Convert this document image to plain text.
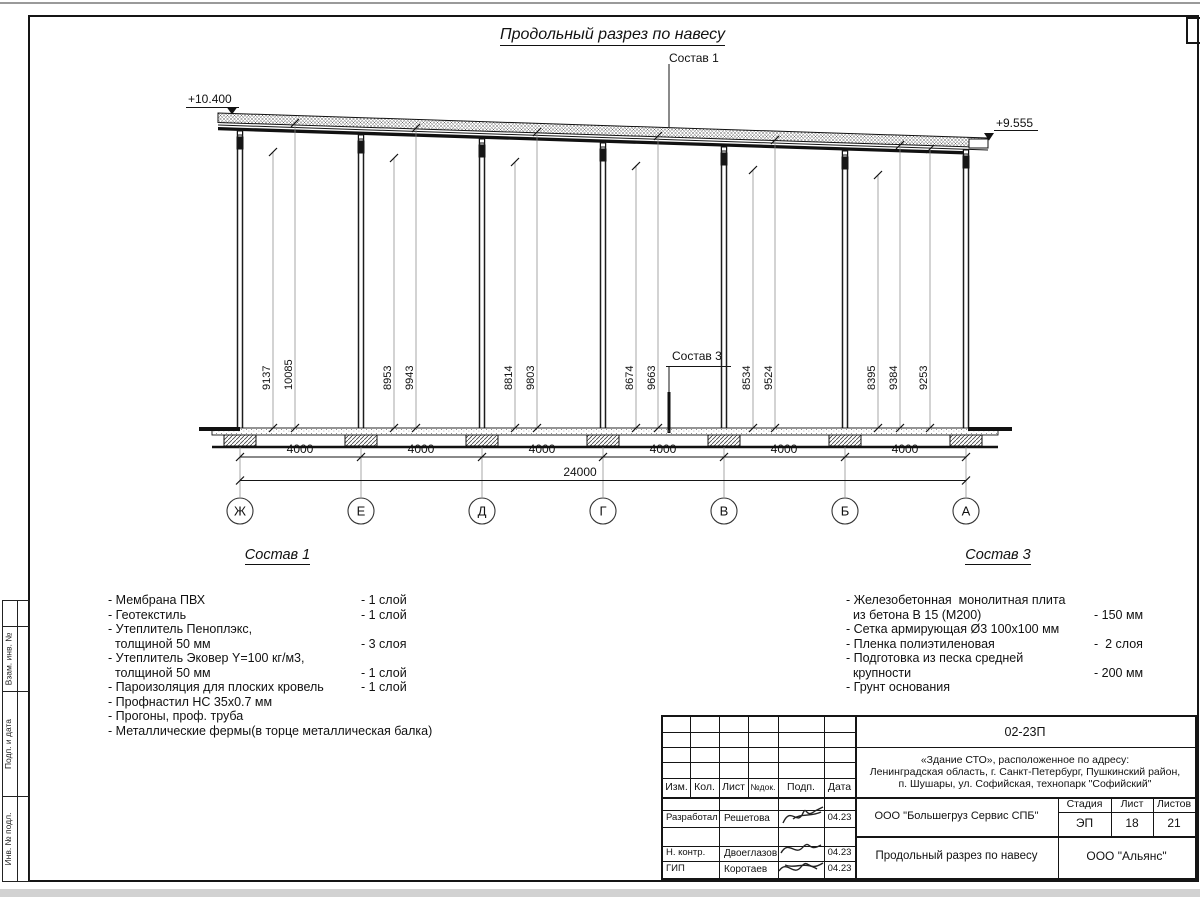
Взам. инв. №
Подп. и дата
Инв. № подл.
Продольный разрез по навесу
Состав 1
Состав 3
+10.400
+9.555
9137 10085	8953 9943	8814 9803	8674 9663	8534 9524	8395 9384 9253
4000	4000	4000	4000	4000	4000
24000
Ж	Е	Д	Г	В	Б	А
Состав 1
- Мембрана ПВХ	- 1 слой
- Геотекстиль	- 1 слой
- Утеплитель Пеноплэкс,
толщиной 50 мм	- 3 слоя
- Утеплитель Эковер Y=100 кг/м3,
толщиной 50 мм	- 1 слой
- Пароизоляция для плоских кровель	- 1 слой
- Профнастил НС 35х0.7 мм
- Прогоны, проф. труба
- Металлические фермы(в торце металлическая балка)
Состав 3
- Железобетонная  монолитная плита
из бетона В 15 (М200)	- 150 мм
- Сетка армирующая Ø3 100х100 мм
- Пленка полиэтиленовая	-  2 слоя
- Подготовка из песка средней
крупности	- 200 мм
- Грунт основания
Изм. Кол. Лист №док.	Подп.	Дата
Разработал Решетова	04.23
Н. контр.	Двоеглазов	04.23
ГИП	Коротаев	04.23
02-23П
«Здание СТО», расположенное по адресу:
Ленинградская область, г. Санкт-Петербург, Пушкинский район,
п. Шушары, ул. Софийская, технопарк "Софийский"
ООО "Большегруз Сервис СПБ"
Продольный разрез по навесу
Стадия	Лист	Листов
ЭП	18	21
ООО "Альянс"
